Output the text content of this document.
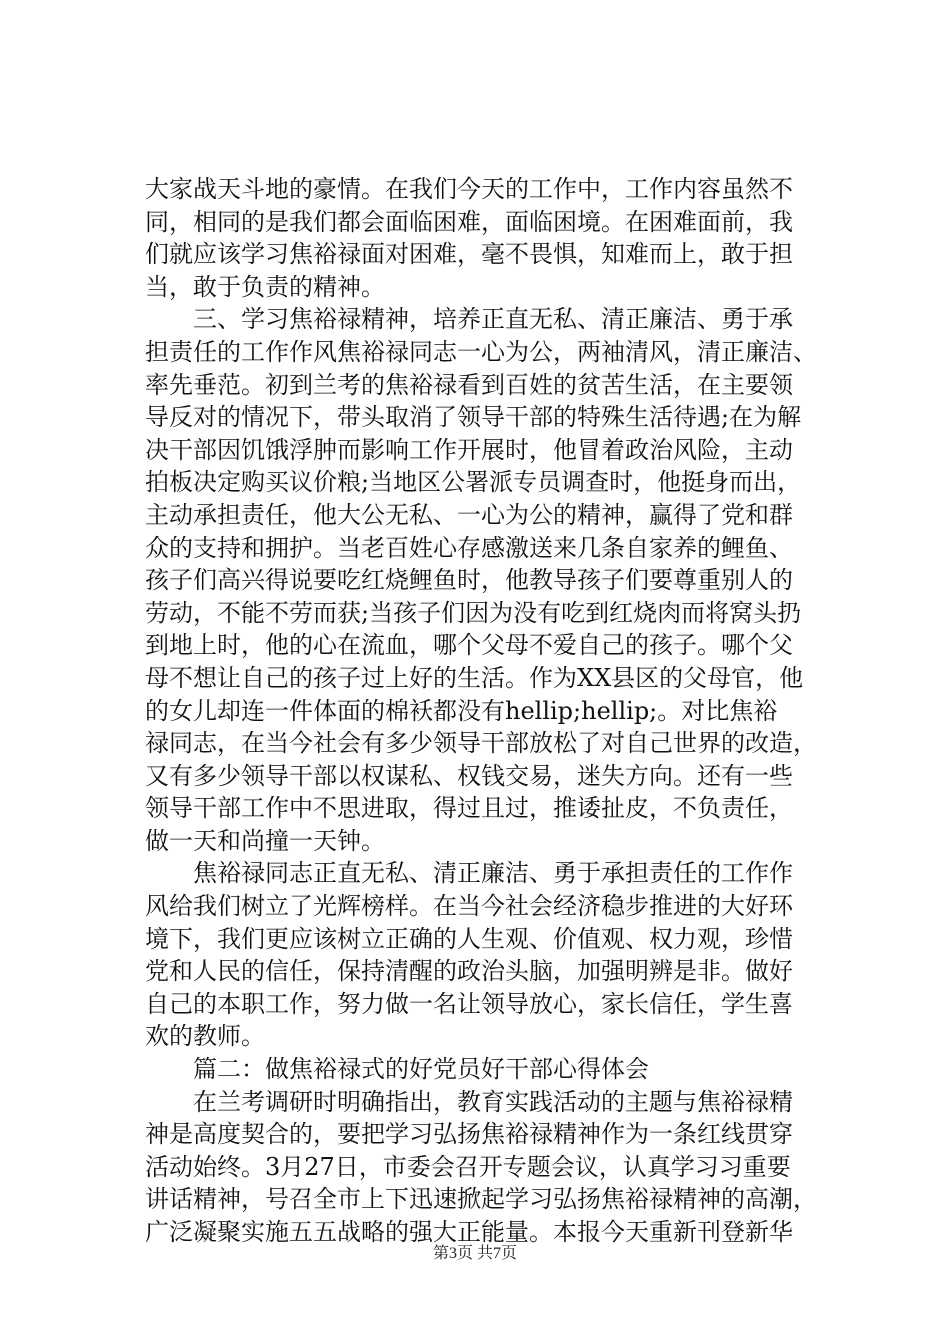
大家战天斗地的豪情。在我们今天的工作中，工作内容虽然不
同，相同的是我们都会面临困难，面临困境。在困难面前，我
们就应该学习焦裕禄面对困难，毫不畏惧，知难而上，敢于担
当，敢于负责的精神。
　　三、学习焦裕禄精神，培养正直无私、清正廉洁、勇于承
担责任的工作作风焦裕禄同志一心为公，两袖清风，清正廉洁、
率先垂范。初到兰考的焦裕禄看到百姓的贫苦生活，在主要领
导反对的情况下，带头取消了领导干部的特殊生活待遇;在为解
决干部因饥饿浮肿而影响工作开展时，他冒着政治风险，主动
拍板决定购买议价粮;当地区公署派专员调查时，他挺身而出，
主动承担责任，他大公无私、一心为公的精神，赢得了党和群
众的支持和拥护。当老百姓心存感激送来几条自家养的鲤鱼、
孩子们高兴得说要吃红烧鲤鱼时，他教导孩子们要尊重别人的
劳动，不能不劳而获;当孩子们因为没有吃到红烧肉而将窝头扔
到地上时，他的心在流血，哪个父母不爱自己的孩子。哪个父
母不想让自己的孩子过上好的生活。作为XX县区的父母官，他
的女儿却连一件体面的棉袄都没有hellip;hellip;。对比焦裕
禄同志，在当今社会有多少领导干部放松了对自己世界的改造，
又有多少领导干部以权谋私、权钱交易，迷失方向。还有一些
领导干部工作中不思进取，得过且过，推诿扯皮，不负责任，
做一天和尚撞一天钟。
　　焦裕禄同志正直无私、清正廉洁、勇于承担责任的工作作
风给我们树立了光辉榜样。在当今社会经济稳步推进的大好环
境下，我们更应该树立正确的人生观、价值观、权力观，珍惜
党和人民的信任，保持清醒的政治头脑，加强明辨是非。做好
自己的本职工作，努力做一名让领导放心，家长信任，学生喜
欢的教师。
　　篇二：做焦裕禄式的好党员好干部心得体会
　　在兰考调研时明确指出，教育实践活动的主题与焦裕禄精
神是高度契合的，要把学习弘扬焦裕禄精神作为一条红线贯穿
活动始终。3月27日，市委会召开专题会议，认真学习习重要
讲话精神，号召全市上下迅速掀起学习弘扬焦裕禄精神的高潮，
广泛凝聚实施五五战略的强大正能量。本报今天重新刊登新华
第3页 共7页
